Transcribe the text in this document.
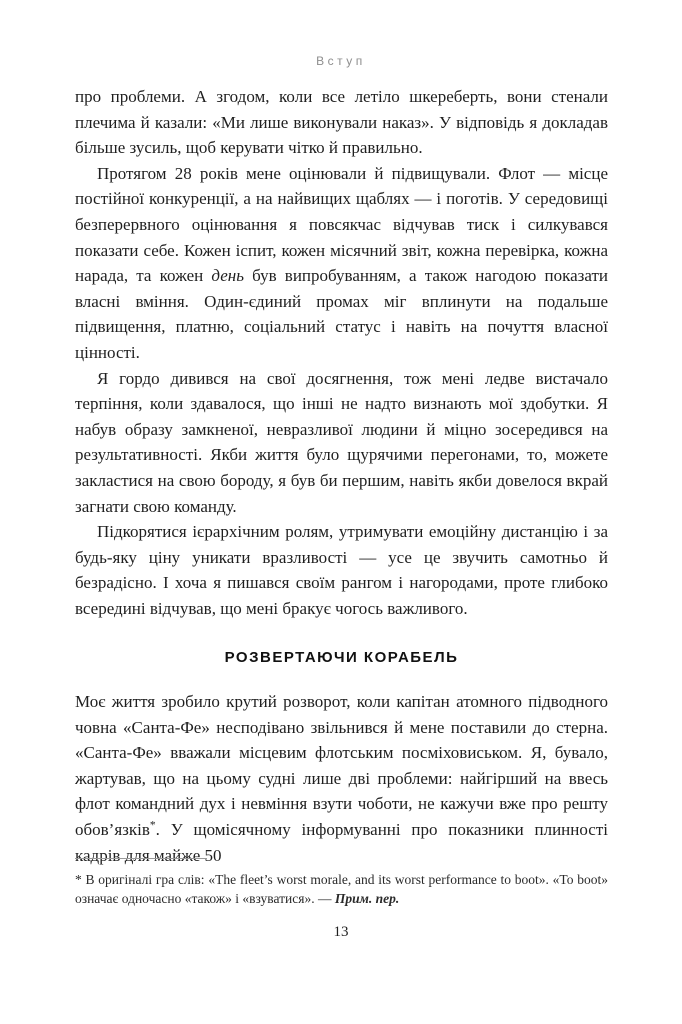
Вступ

про проблеми. А згодом, коли все летіло шкереберть, вони стенали плечима й казали: «Ми лише виконували наказ». У відповідь я докладав більше зусиль, щоб керувати чітко й правильно.

Протягом 28 років мене оцінювали й підвищували. Флот — місце постійної конкуренції, а на найвищих щаблях — і поготів. У середовищі безперервного оцінювання я повсякчас відчував тиск і силкувався показати себе. Кожен іспит, кожен місячний звіт, кожна перевірка, кожна нарада, та кожен день був випробуванням, а також нагодою показати власні вміння. Один-єдиний промах міг вплинути на подальше підвищення, платню, соціальний статус і навіть на почуття власної цінності.

Я гордо дивився на свої досягнення, тож мені ледве вистачало терпіння, коли здавалося, що інші не надто визнають мої здобутки. Я набув образу замкненої, невразливої людини й міцно зосередився на результативності. Якби життя було щурячими перегонами, то, можете закластися на свою бороду, я був би першим, навіть якби довелося вкрай загнати свою команду.

Підкорятися ієрархічним ролям, утримувати емоційну дистанцію і за будь-яку ціну уникати вразливості — усе це звучить самотньо й безрадісно. І хоча я пишався своїм рангом і нагородами, проте глибоко всередині відчував, що мені бракує чогось важливого.

РОЗВЕРТАЮЧИ КОРАБЕЛЬ

Моє життя зробило крутий розворот, коли капітан атомного підводного човна «Санта-Фе» несподівано звільнився й мене поставили до стерна. «Санта-Фе» вважали місцевим флотським посміховиськом. Я, бувало, жартував, що на цьому судні лише дві проблеми: найгірший на ввесь флот командний дух і невміння взути чоботи, не кажучи вже про решту обов’язків*. У щомісячному інформуванні про показники плинності кадрів для майже 50

* В оригіналі гра слів: «The fleet’s worst morale, and its worst performance to boot». «To boot» означає одночасно «також» і «взуватися». — Прим. пер.
13
